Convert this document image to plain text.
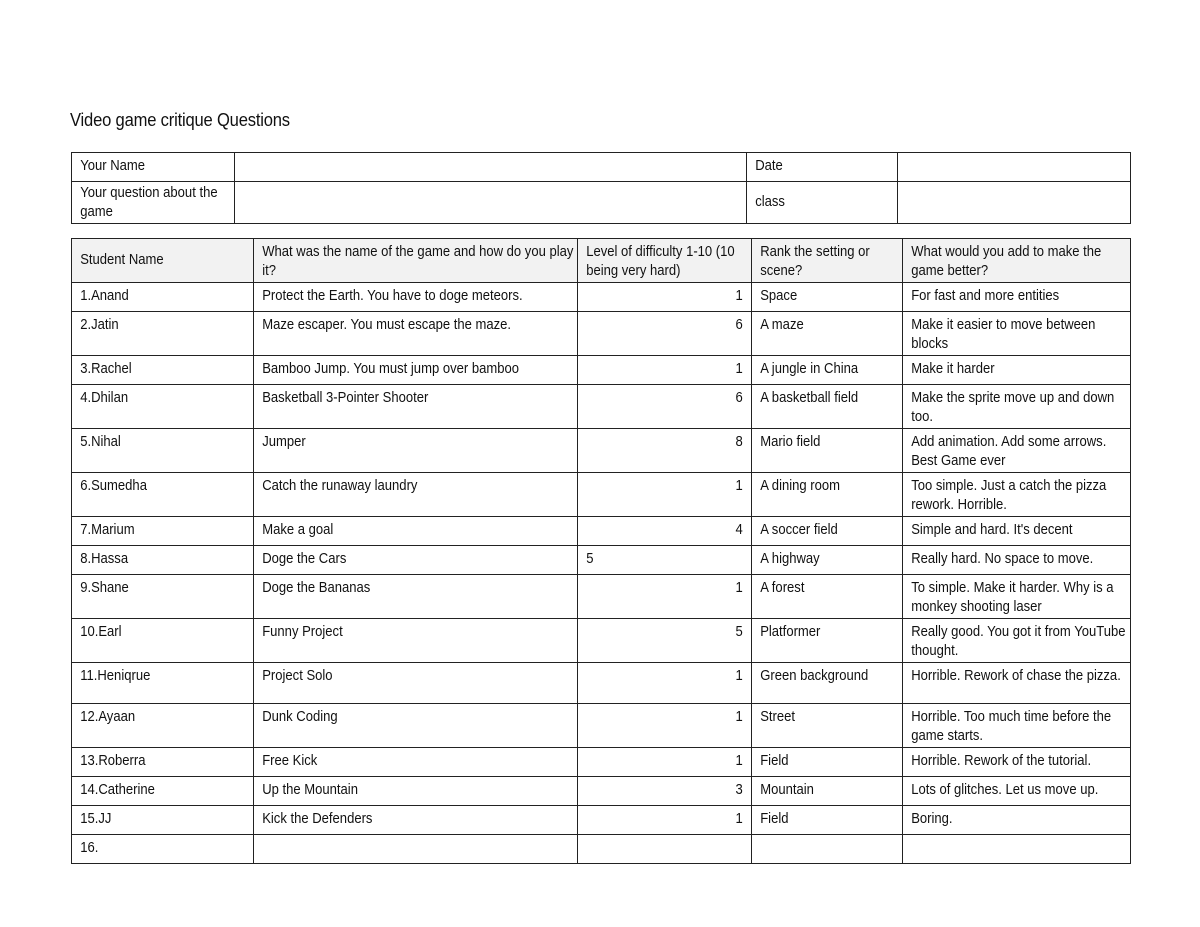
Video game critique Questions
Your Name		Date	

Your question about the game		class	

Student Name	What was the name of the game and how do you play it?	Level of difficulty 1-10 (10 being very hard)	Rank the setting or scene?	What would you add to make the game better?

1.Anand	Protect the Earth. You have to doge meteors.	1	Space	For fast and more entities

2.Jatin	Maze escaper. You must escape the maze.	6	A maze	Make it easier to move between blocks

3.Rachel	Bamboo Jump. You must jump over bamboo	1	A jungle in China	Make it harder

4.Dhilan	Basketball 3-Pointer Shooter	6	A basketball field	Make the sprite move up and down too.

5.Nihal	Jumper	8	Mario field	Add animation. Add some arrows. Best Game ever

6.Sumedha	Catch the runaway laundry	1	A dining room	Too simple. Just a catch the pizza rework. Horrible.

7.Marium	Make a goal	4	A soccer field	Simple and hard. It's decent

8.Hassa	Doge the Cars	5	A highway	Really hard. No space to move.

9.Shane	Doge the Bananas	1	A forest	To simple. Make it harder. Why is a monkey shooting laser

10.Earl	Funny Project	5	Platformer	Really good. You got it from YouTube thought.

11.Heniqrue	Project Solo	1	Green background	Horrible. Rework of chase the pizza.

12.Ayaan	Dunk Coding	1	Street	Horrible. Too much time before the game starts.

13.Roberra	Free Kick	1	Field	Horrible. Rework of the tutorial.

14.Catherine	Up the Mountain	3	Mountain	Lots of glitches. Let us move up.

15.JJ	Kick the Defenders	1	Field	Boring.

16.				
